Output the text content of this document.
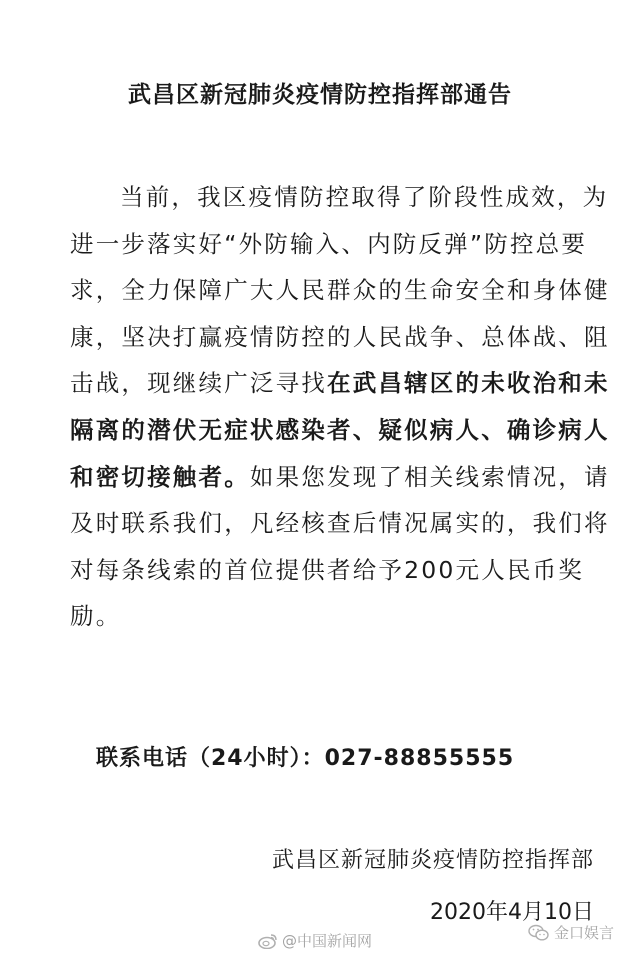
武昌区新冠肺炎疫情防控指挥部通告

当前，我区疫情防控取得了阶段性成效，为
进一步落实好“外防输入、内防反弹”防控总要
求，全力保障广大人民群众的生命安全和身体健
康，坚决打赢疫情防控的人民战争、总体战、阻
击战，现继续广泛寻找在武昌辖区的未收治和未
隔离的潜伏无症状感染者、疑似病人、确诊病人
和密切接触者。如果您发现了相关线索情况，请
及时联系我们，凡经核查后情况属实的，我们将
对每条线索的首位提供者给予200元人民币奖
励。

联系电话（24小时）：027-88855555

武昌区新冠肺炎疫情防控指挥部

2020年4月10日

@中国新闻网	金口娱言
